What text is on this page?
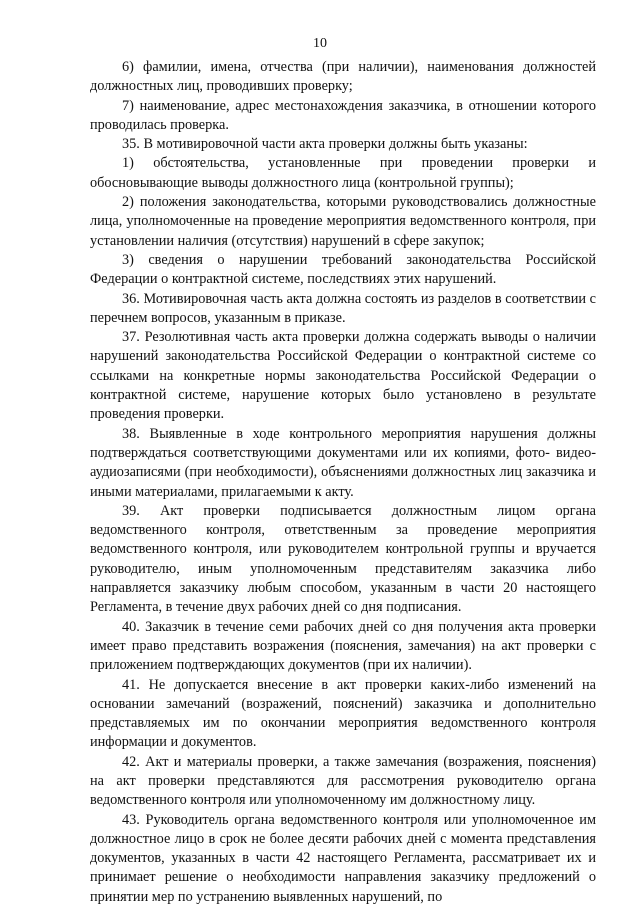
10

6) фамилии, имена, отчества (при наличии), наименования должностей должностных лиц, проводивших проверку;

7) наименование, адрес местонахождения заказчика, в отношении которого проводилась проверка.

35. В мотивировочной части акта проверки должны быть указаны:

1) обстоятельства, установленные при проведении проверки и обосновывающие выводы должностного лица (контрольной группы);

2) положения законодательства, которыми руководствовались должностные лица, уполномоченные на проведение мероприятия ведомственного контроля, при установлении наличия (отсутствия) нарушений в сфере закупок;

3) сведения о нарушении требований законодательства Российской Федерации о контрактной системе, последствиях этих нарушений.

36. Мотивировочная часть акта должна состоять из разделов в соответствии с перечнем вопросов, указанным в приказе.

37. Резолютивная часть акта проверки должна содержать выводы о наличии нарушений законодательства Российской Федерации о контрактной системе со ссылками на конкретные нормы законодательства Российской Федерации о контрактной системе, нарушение которых было установлено в результате проведения проверки.

38. Выявленные в ходе контрольного мероприятия нарушения должны подтверждаться соответствующими документами или их копиями, фото- видео-аудиозаписями (при необходимости), объяснениями должностных лиц заказчика и иными материалами, прилагаемыми к акту.

39. Акт проверки подписывается должностным лицом органа ведомственного контроля, ответственным за проведение мероприятия ведомственного контроля, или руководителем контрольной группы и вручается руководителю, иным уполномоченным представителям заказчика либо направляется заказчику любым способом, указанным в части 20 настоящего Регламента, в течение двух рабочих дней со дня подписания.

40. Заказчик в течение семи рабочих дней со дня получения акта проверки имеет право представить возражения (пояснения, замечания) на акт проверки с приложением подтверждающих документов (при их наличии).

41. Не допускается внесение в акт проверки каких-либо изменений на основании замечаний (возражений, пояснений) заказчика и дополнительно представляемых им по окончании мероприятия ведомственного контроля информации и документов.

42. Акт и материалы проверки, а также замечания (возражения, пояснения) на акт проверки представляются для рассмотрения руководителю органа ведомственного контроля или уполномоченному им должностному лицу.

43. Руководитель органа ведомственного контроля или уполномоченное им должностное лицо в срок не более десяти рабочих дней с момента представления документов, указанных в части 42 настоящего Регламента, рассматривает их и принимает решение о необходимости направления заказчику предложений о принятии мер по устранению выявленных нарушений, по
